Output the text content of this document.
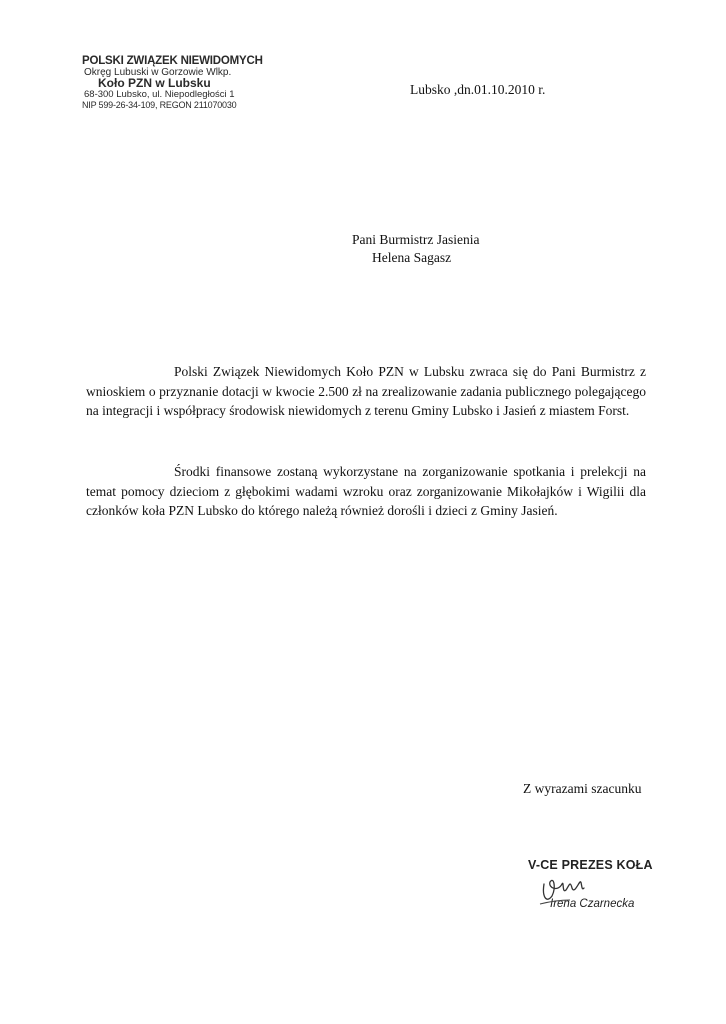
POLSKI ZWIĄZEK NIEWIDOMYCH
Okręg Lubuski w Gorzowie Wlkp.
Koło PZN w Lubsku
68-300 Lubsko, ul. Niepodległości 1
NIP 599-26-34-109, REGON 211070030
Lubsko ,dn.01.10.2010 r.
Pani Burmistrz Jasienia
Helena Sagasz
Polski Związek Niewidomych Koło PZN w Lubsku zwraca się do Pani Burmistrz z wnioskiem o przyznanie dotacji w kwocie 2.500 zł na zrealizowanie zadania publicznego polegającego na integracji i współpracy środowisk niewidomych z terenu Gminy Lubsko i Jasień z miastem Forst.
Środki finansowe zostaną wykorzystane na zorganizowanie spotkania i prelekcji na temat pomocy dzieciom z głębokimi wadami wzroku oraz zorganizowanie Mikołajków i Wigilii dla członków koła PZN Lubsko do którego należą również dorośli i dzieci z Gminy Jasień.
Z wyrazami szacunku
V-CE PREZES KOŁA
Irena Czarnecka
